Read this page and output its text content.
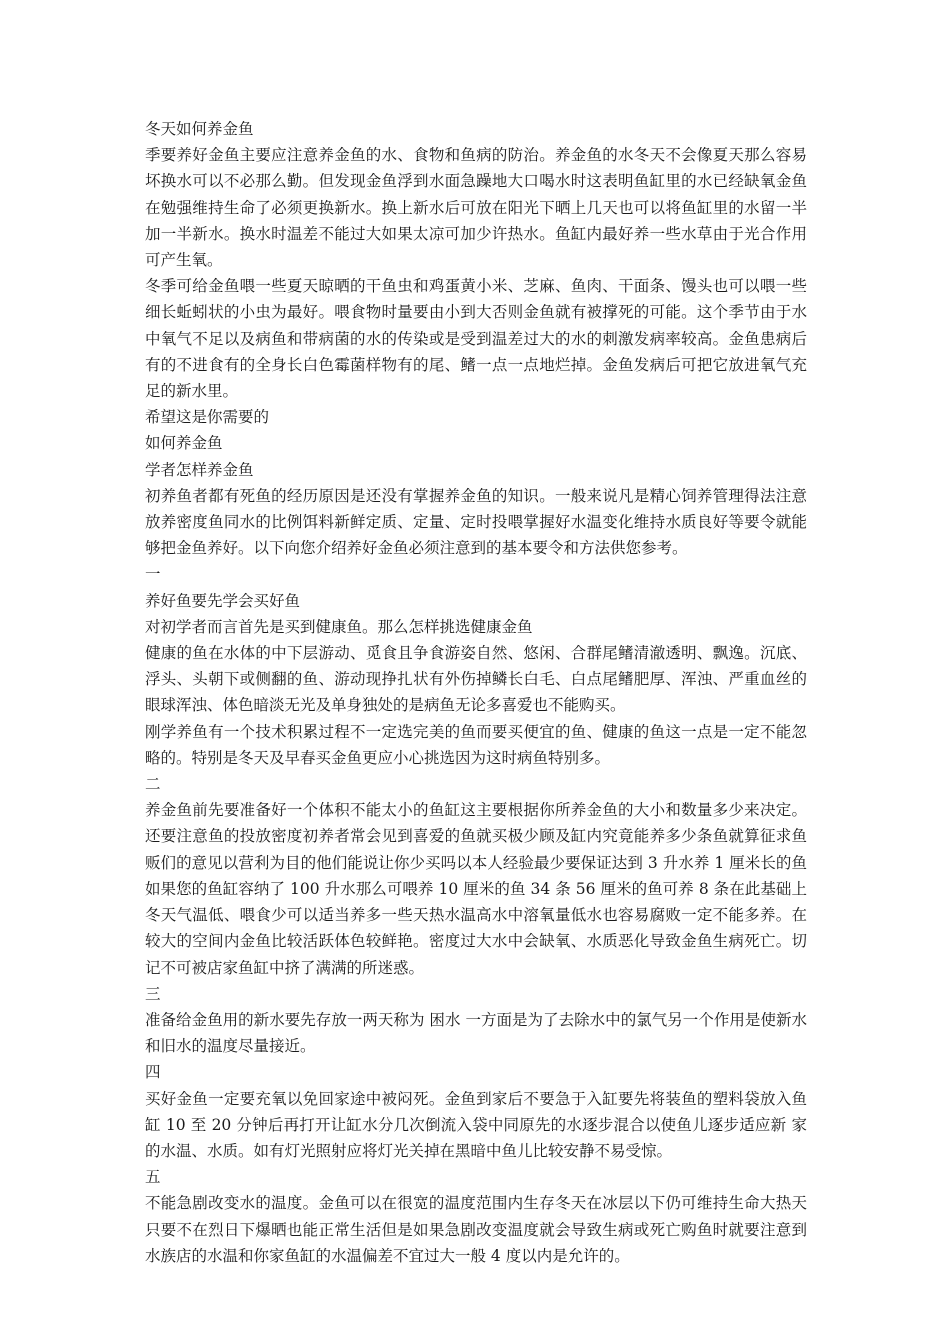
冬天如何养金鱼

季要养好金鱼主要应注意养金鱼的水、食物和鱼病的防治。养金鱼的水冬天不会像夏天那么容易坏换水可以不必那么勤。但发现金鱼浮到水面急躁地大口喝水时这表明鱼缸里的水已经缺氧金鱼在勉强维持生命了必须更换新水。换上新水后可放在阳光下晒上几天也可以将鱼缸里的水留一半加一半新水。换水时温差不能过大如果太凉可加少许热水。鱼缸内最好养一些水草由于光合作用可产生氧。

冬季可给金鱼喂一些夏天晾晒的干鱼虫和鸡蛋黄小米、芝麻、鱼肉、干面条、馒头也可以喂一些细长蚯蚓状的小虫为最好。喂食物时量要由小到大否则金鱼就有被撑死的可能。这个季节由于水中氧气不足以及病鱼和带病菌的水的传染或是受到温差过大的水的刺激发病率较高。金鱼患病后有的不进食有的全身长白色霉菌样物有的尾、鳍一点一点地烂掉。金鱼发病后可把它放进氧气充足的新水里。

希望这是你需要的

如何养金鱼

学者怎样养金鱼

初养鱼者都有死鱼的经历原因是还没有掌握养金鱼的知识。一般来说凡是精心饲养管理得法注意放养密度鱼同水的比例饵料新鲜定质、定量、定时投喂掌握好水温变化维持水质良好等要令就能够把金鱼养好。以下向您介绍养好金鱼必须注意到的基本要令和方法供您参考。

一

养好鱼要先学会买好鱼

对初学者而言首先是买到健康鱼。那么怎样挑选健康金鱼

健康的鱼在水体的中下层游动、觅食且争食游姿自然、悠闲、合群尾鳍清澈透明、飘逸。沉底、浮头、头朝下或侧翻的鱼、游动现挣扎状有外伤掉鳞长白毛、白点尾鳍肥厚、浑浊、严重血丝的眼球浑浊、体色暗淡无光及单身独处的是病鱼无论多喜爱也不能购买。

刚学养鱼有一个技术积累过程不一定选完美的鱼而要买便宜的鱼、健康的鱼这一点是一定不能忽略的。特别是冬天及早春买金鱼更应小心挑选因为这时病鱼特别多。

二

养金鱼前先要准备好一个体积不能太小的鱼缸这主要根据你所养金鱼的大小和数量多少来决定。还要注意鱼的投放密度初养者常会见到喜爱的鱼就买极少顾及缸内究竟能养多少条鱼就算征求鱼贩们的意见以营利为目的他们能说让你少买吗以本人经验最少要保证达到 3 升水养 1 厘米长的鱼如果您的鱼缸容纳了 100 升水那么可喂养 10 厘米的鱼 34 条 56 厘米的鱼可养 8 条在此基础上冬天气温低、喂食少可以适当养多一些天热水温高水中溶氧量低水也容易腐败一定不能多养。在较大的空间内金鱼比较活跃体色较鲜艳。密度过大水中会缺氧、水质恶化导致金鱼生病死亡。切记不可被店家鱼缸中挤了满满的所迷惑。

三

准备给金鱼用的新水要先存放一两天称为 困水 一方面是为了去除水中的氯气另一个作用是使新水和旧水的温度尽量接近。

四

买好金鱼一定要充氧以免回家途中被闷死。金鱼到家后不要急于入缸要先将装鱼的塑料袋放入鱼缸 10 至 20 分钟后再打开让缸水分几次倒流入袋中同原先的水逐步混合以使鱼儿逐步适应新 家 的水温、水质。如有灯光照射应将灯光关掉在黑暗中鱼儿比较安静不易受惊。

五

不能急剧改变水的温度。金鱼可以在很宽的温度范围内生存冬天在冰层以下仍可维持生命大热天只要不在烈日下爆晒也能正常生活但是如果急剧改变温度就会导致生病或死亡购鱼时就要注意到水族店的水温和你家鱼缸的水温偏差不宜过大一般 4 度以内是允许的。
